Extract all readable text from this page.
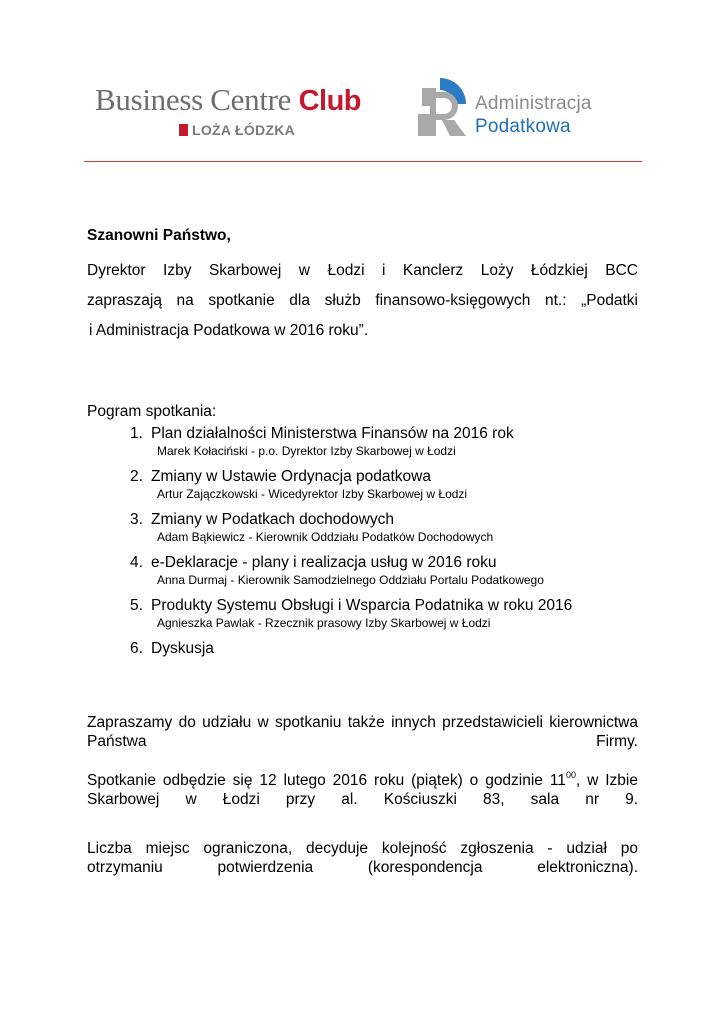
Business Centre Club
LOŻA ŁÓDZKA
Administracja
Podatkowa
Szanowni Państwo,
Dyrektor Izby Skarbowej w Łodzi i Kanclerz Loży Łódzkiej BCC
zapraszają na spotkanie dla służb finansowo-księgowych nt.: „Podatki
i Administracja Podatkowa w 2016 roku”.
Pogram spotkania:
1. Plan działalności Ministerstwa Finansów na 2016 rok
Marek Kołaciński - p.o. Dyrektor Izby Skarbowej w Łodzi
2. Zmiany w Ustawie Ordynacja podatkowa
Artur Zajączkowski - Wicedyrektor Izby Skarbowej w Łodzi
3. Zmiany w Podatkach dochodowych
Adam Bąkiewicz - Kierownik Oddziału Podatków Dochodowych
4. e-Deklaracje - plany i realizacja usług w 2016 roku
Anna Durmaj - Kierownik Samodzielnego Oddziału Portalu Podatkowego
5. Produkty Systemu Obsługi i Wsparcia Podatnika w roku 2016
Agnieszka Pawlak - Rzecznik prasowy Izby Skarbowej w Łodzi
6. Dyskusja
Zapraszamy do udziału w spotkaniu także innych przedstawicieli kierownictwa Państwa Firmy.
Spotkanie odbędzie się 12 lutego 2016 roku (piątek) o godzinie $11^{00}$, w Izbie Skarbowej w Łodzi przy al. Kościuszki 83, sala nr 9.
Liczba miejsc ograniczona, decyduje kolejność zgłoszenia - udział po otrzymaniu potwierdzenia (korespondencja elektroniczna).
